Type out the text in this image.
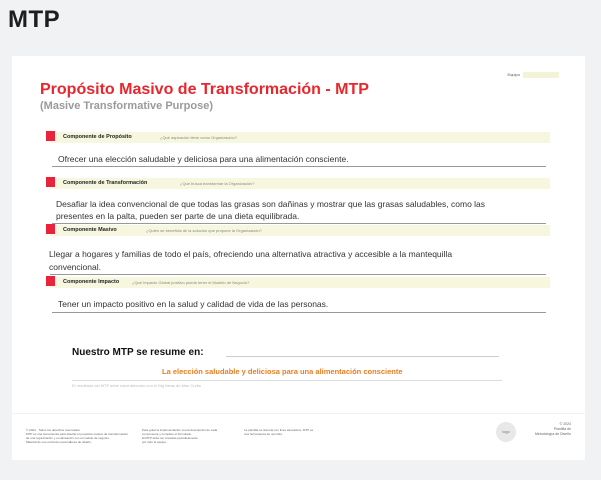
MTP
Equipo
Propósito Masivo de Transformación - MTP
(Masive Transformative Purpose)
Componente de Propósito	¿Qué aspiración tiene como Organización?
Ofrecer una elección saludable y deliciosa para una alimentación consciente.
Componente de Transformación	¿Qué busca transformar la Organización?
Desafiar la idea convencional de que todas las grasas son dañinas y mostrar que las grasas saludables, como las
presentes en la palta, pueden ser parte de una dieta equilibrada.
Componente Masivo	¿Quién se beneficia de la solución que propone la Organización?
Llegar a hogares y familias de todo el país, ofreciendo una alternativa atractiva y accesible a la mantequilla
convencional.
Componente Impacto	¿Qué Impacto Global positivo puede tener el Modelo de Negocio?
Tener un impacto positivo en la salud y calidad de vida de las personas.
Nuestro MTP se resume en:
La elección saludable y deliciosa para una alimentación consciente
El resultado del MTP debe estar alineado con el Big Ideas de Alan Curtis
© 2024 · Todos los derechos reservados
MTP es una herramienta para diseñar el propósito masivo de transformación
de una organización y su alineación con el modelo de negocio.
Material de uso exclusivo para talleres de diseño.
Para guiar la implementación, lea la descripción de cada
componente y complete el formulario.
El MTP debe ser revisado periódicamente
por todo el equipo.
La plantilla se licencia con fines educativos. MTP es
una herramienta de uso libre.	logo
© 2024
Plantilla de
Metodología de Diseño
